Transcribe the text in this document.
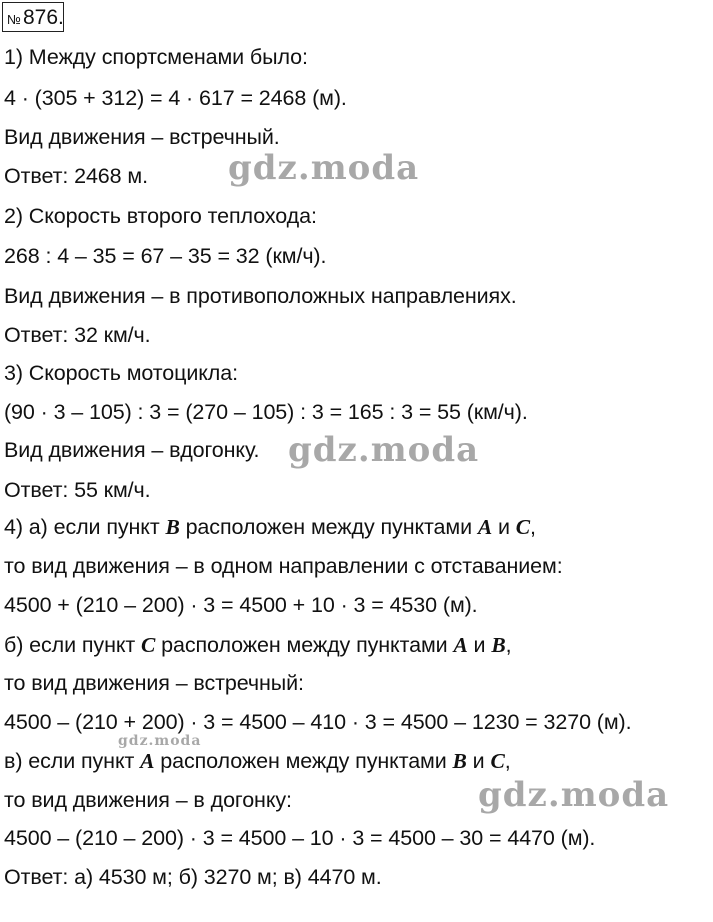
№ 876.
1) Между спортсменами было:
4 · (305 + 312) = 4 · 617 = 2468 (м).
Вид движения – встречный.
Ответ: 2468 м.
2) Скорость второго теплохода:
268 : 4 – 35 = 67 – 35 = 32 (км/ч).
Вид движения – в противоположных направлениях.
Ответ: 32 км/ч.
3) Скорость мотоцикла:
(90 · 3 – 105) : 3 = (270 – 105) : 3 = 165 : 3 = 55 (км/ч).
Вид движения – вдогонку.
Ответ: 55 км/ч.
4) а) если пункт B расположен между пунктами A и C,
то вид движения – в одном направлении с отставанием:
4500 + (210 – 200) · 3 = 4500 + 10 · 3 = 4530 (м).
б) если пункт C расположен между пунктами A и B,
то вид движения – встречный:
4500 – (210 + 200) · 3 = 4500 – 410 · 3 = 4500 – 1230 = 3270 (м).
в) если пункт A расположен между пунктами B и C,
то вид движения – в догонку:
4500 – (210 – 200) · 3 = 4500 – 10 · 3 = 4500 – 30 = 4470 (м).
Ответ: а) 4530 м; б) 3270 м; в) 4470 м.
gdz.moda
gdz.moda
gdz.moda
gdz.moda
